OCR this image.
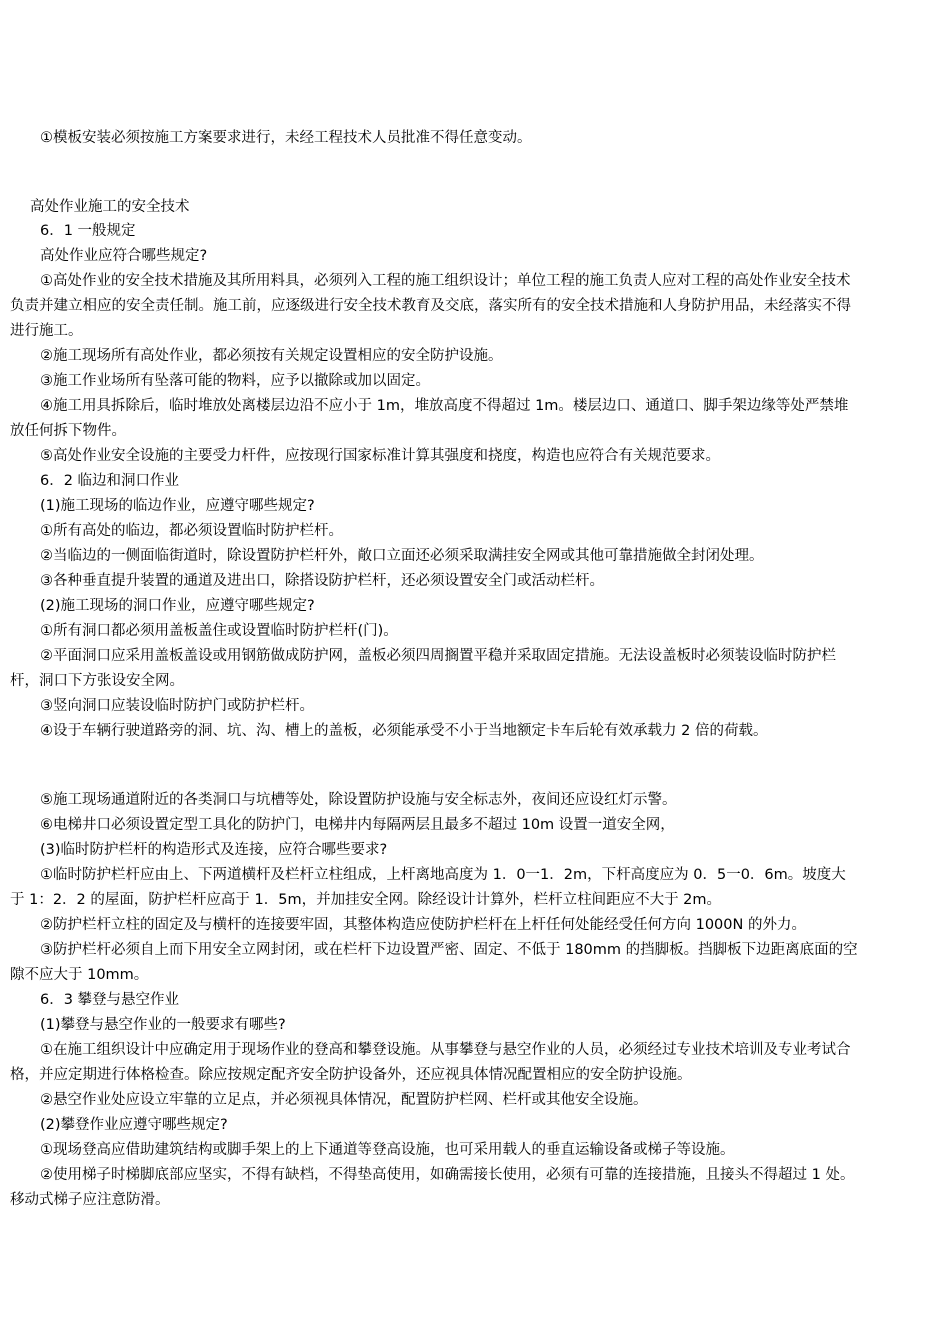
①模板安装必须按施工方案要求进行，未经工程技术人员批准不得任意变动。
高处作业施工的安全技术
6．1 一般规定
高处作业应符合哪些规定?
①高处作业的安全技术措施及其所用料具，必须列入工程的施工组织设计；单位工程的施工负责人应对工程的高处作业安全技术
负责并建立相应的安全责任制。施工前，应逐级进行安全技术教育及交底，落实所有的安全技术措施和人身防护用品，未经落实不得
进行施工。
②施工现场所有高处作业，都必须按有关规定设置相应的安全防护设施。
③施工作业场所有坠落可能的物料，应予以撤除或加以固定。
④施工用具拆除后，临时堆放处离楼层边沿不应小于 1m，堆放高度不得超过 1m。楼层边口、通道口、脚手架边缘等处严禁堆
放任何拆下物件。
⑤高处作业安全设施的主要受力杆件，应按现行国家标准计算其强度和挠度，构造也应符合有关规范要求。
6．2 临边和洞口作业
(1)施工现场的临边作业，应遵守哪些规定?
①所有高处的临边，都必须设置临时防护栏杆。
②当临边的一侧面临街道时，除设置防护栏杆外，敞口立面还必须采取满挂安全网或其他可靠措施做全封闭处理。
③各种垂直提升装置的通道及进出口，除搭设防护栏杆，还必须设置安全门或活动栏杆。
(2)施工现场的洞口作业，应遵守哪些规定?
①所有洞口都必须用盖板盖住或设置临时防护栏杆(门)。
②平面洞口应采用盖板盖设或用钢筋做成防护网，盖板必须四周搁置平稳并采取固定措施。无法设盖板时必须装设临时防护栏
杆，洞口下方张设安全网。
③竖向洞口应装设临时防护门或防护栏杆。
④设于车辆行驶道路旁的洞、坑、沟、槽上的盖板，必须能承受不小于当地额定卡车后轮有效承载力 2 倍的荷载。
⑤施工现场通道附近的各类洞口与坑槽等处，除设置防护设施与安全标志外，夜间还应设红灯示警。
⑥电梯井口必须设置定型工具化的防护门，电梯井内每隔两层且最多不超过 10m 设置一道安全网，
(3)临时防护栏杆的构造形式及连接，应符合哪些要求?
①临时防护栏杆应由上、下两道横杆及栏杆立柱组成，上杆离地高度为 1．0一1．2m，下杆高度应为 0．5一0．6m。坡度大
于 1：2．2 的屋面，防护栏杆应高于 1．5m，并加挂安全网。除经设计计算外，栏杆立柱间距应不大于 2m。
②防护栏杆立柱的固定及与横杆的连接要牢固，其整体构造应使防护栏杆在上杆任何处能经受任何方向 1000N 的外力。
③防护栏杆必须自上而下用安全立网封闭，或在栏杆下边设置严密、固定、不低于 180mm 的挡脚板。挡脚板下边距离底面的空
隙不应大于 10mm。
6．3 攀登与悬空作业
(1)攀登与悬空作业的一般要求有哪些?
①在施工组织设计中应确定用于现场作业的登高和攀登设施。从事攀登与悬空作业的人员，必须经过专业技术培训及专业考试合
格，并应定期进行体格检查。除应按规定配齐安全防护设备外，还应视具体情况配置相应的安全防护设施。
②悬空作业处应设立牢靠的立足点，并必须视具体情况，配置防护栏网、栏杆或其他安全设施。
(2)攀登作业应遵守哪些规定?
①现场登高应借助建筑结构或脚手架上的上下通道等登高设施，也可采用载人的垂直运输设备或梯子等设施。
②使用梯子时梯脚底部应坚实，不得有缺档，不得垫高使用，如确需接长使用，必须有可靠的连接措施，且接头不得超过 1 处。
移动式梯子应注意防滑。
